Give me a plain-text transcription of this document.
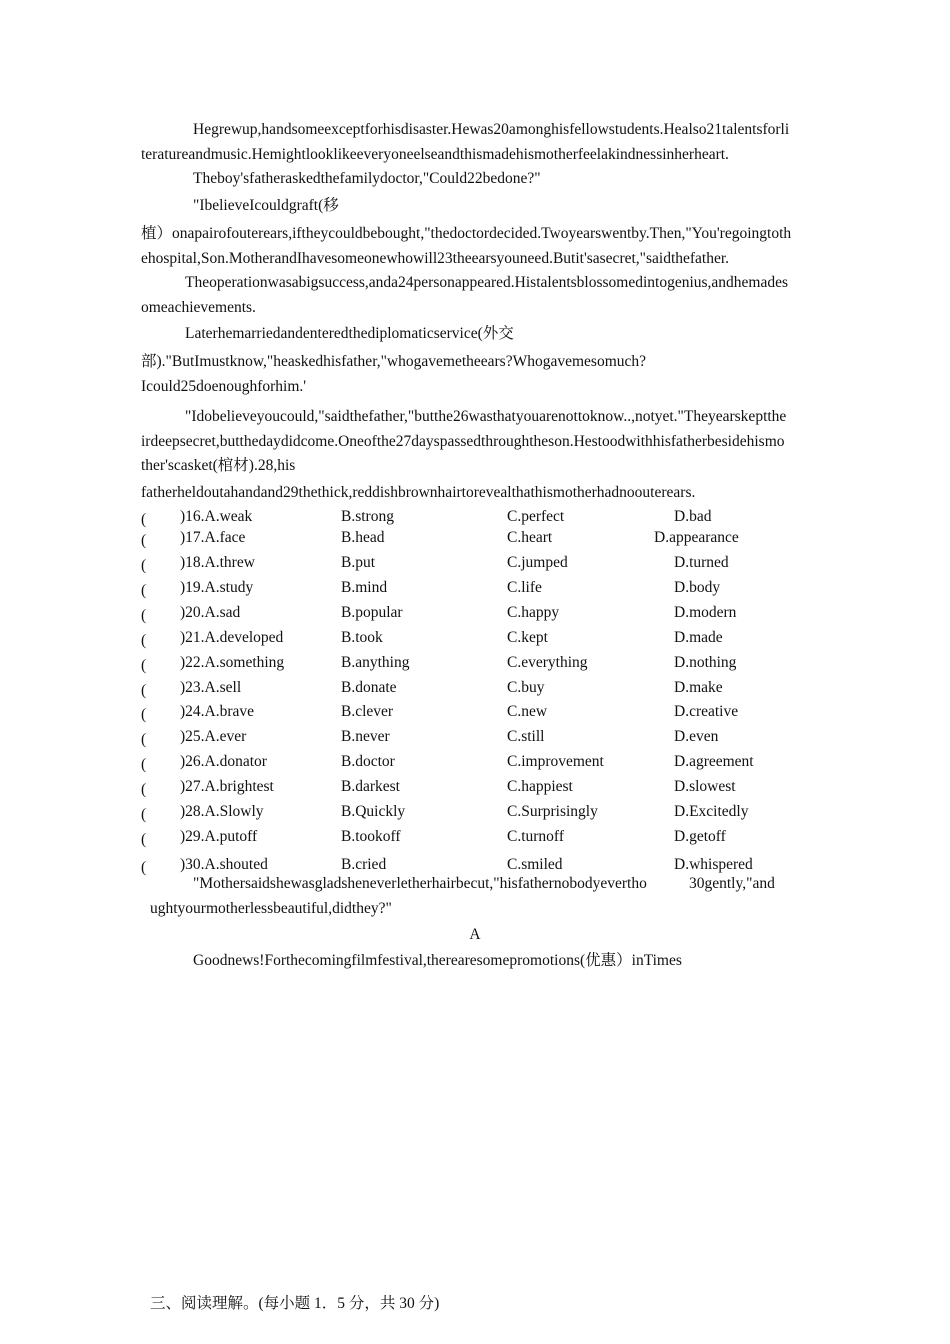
Hegrewup,handsomeexceptforhisdisaster.Hewas20amonghisfellowstudents.Healso21talentsforli
teratureandmusic.Hemightlooklikeeveryoneelseandthismadehismotherfeelakindnessinherheart.
Theboy'sfatheraskedthefamilydoctor,"Could22bedone?"
"IbelieveIcouldgraft(移
植）onapairofouterears,iftheycouldbebought,"thedoctordecided.Twoyearswentby.Then,"You'regoingtoth
ehospital,Son.MotherandIhavesomeonewhowill23theearsyouneed.Butit'sasecret,"saidthefather.
Theoperationwasabigsuccess,anda24personappeared.Histalentsblossomedintogenius,andhemades
omeachievements.
Laterhemarriedandenteredthediplomaticservice(外交
部)."ButImustknow,"heaskedhisfather,"whogavemetheears?Whogavemesomuch?
Icould25doenoughforhim.'
"Idobelieveyoucould,"saidthefather,"butthe26wasthatyouarenottoknow..,notyet."Theyearskeptthe
irdeepsecret,butthedaydidcome.Oneofthe27dayspassedthroughtheson.Hestoodwithhisfatherbesidehismo
ther'scasket(棺材).28,his
fatherheldoutahandand29thethick,reddishbrownhairtorevealthathismotherhadnoouterears.
( )16.A.weak	B.strong	C.perfect	D.bad
( )17.A.face	B.head	C.heart	D.appearance
( )18.A.threw	B.put	C.jumped	D.turned
( )19.A.study	B.mind	C.life	D.body
( )20.A.sad	B.popular	C.happy	D.modern
( )21.A.developed	B.took	C.kept	D.made
( )22.A.something	B.anything	C.everything	D.nothing
( )23.A.sell	B.donate	C.buy	D.make
( )24.A.brave	B.clever	C.new	D.creative
( )25.A.ever	B.never	C.still	D.even
( )26.A.donator	B.doctor	C.improvement	D.agreement
( )27.A.brightest	B.darkest	C.happiest	D.slowest
( )28.A.Slowly	B.Quickly	C.Surprisingly	D.Excitedly
( )29.A.putoff	B.tookoff	C.turnoff	D.getoff
( )30.A.shouted	B.cried	C.smiled	D.whispered
"Mothersaidshewasgladsheneverletherhairbecut,"hisfathernobodyevertho	30gently,"and
ughtyourmotherlessbeautiful,didthey?"
A
Goodnews!Forthecomingfilmfestival,therearesomepromotions(优惠）inTimes
三、阅读理解。(每小题 1．5 分，共 30 分)
